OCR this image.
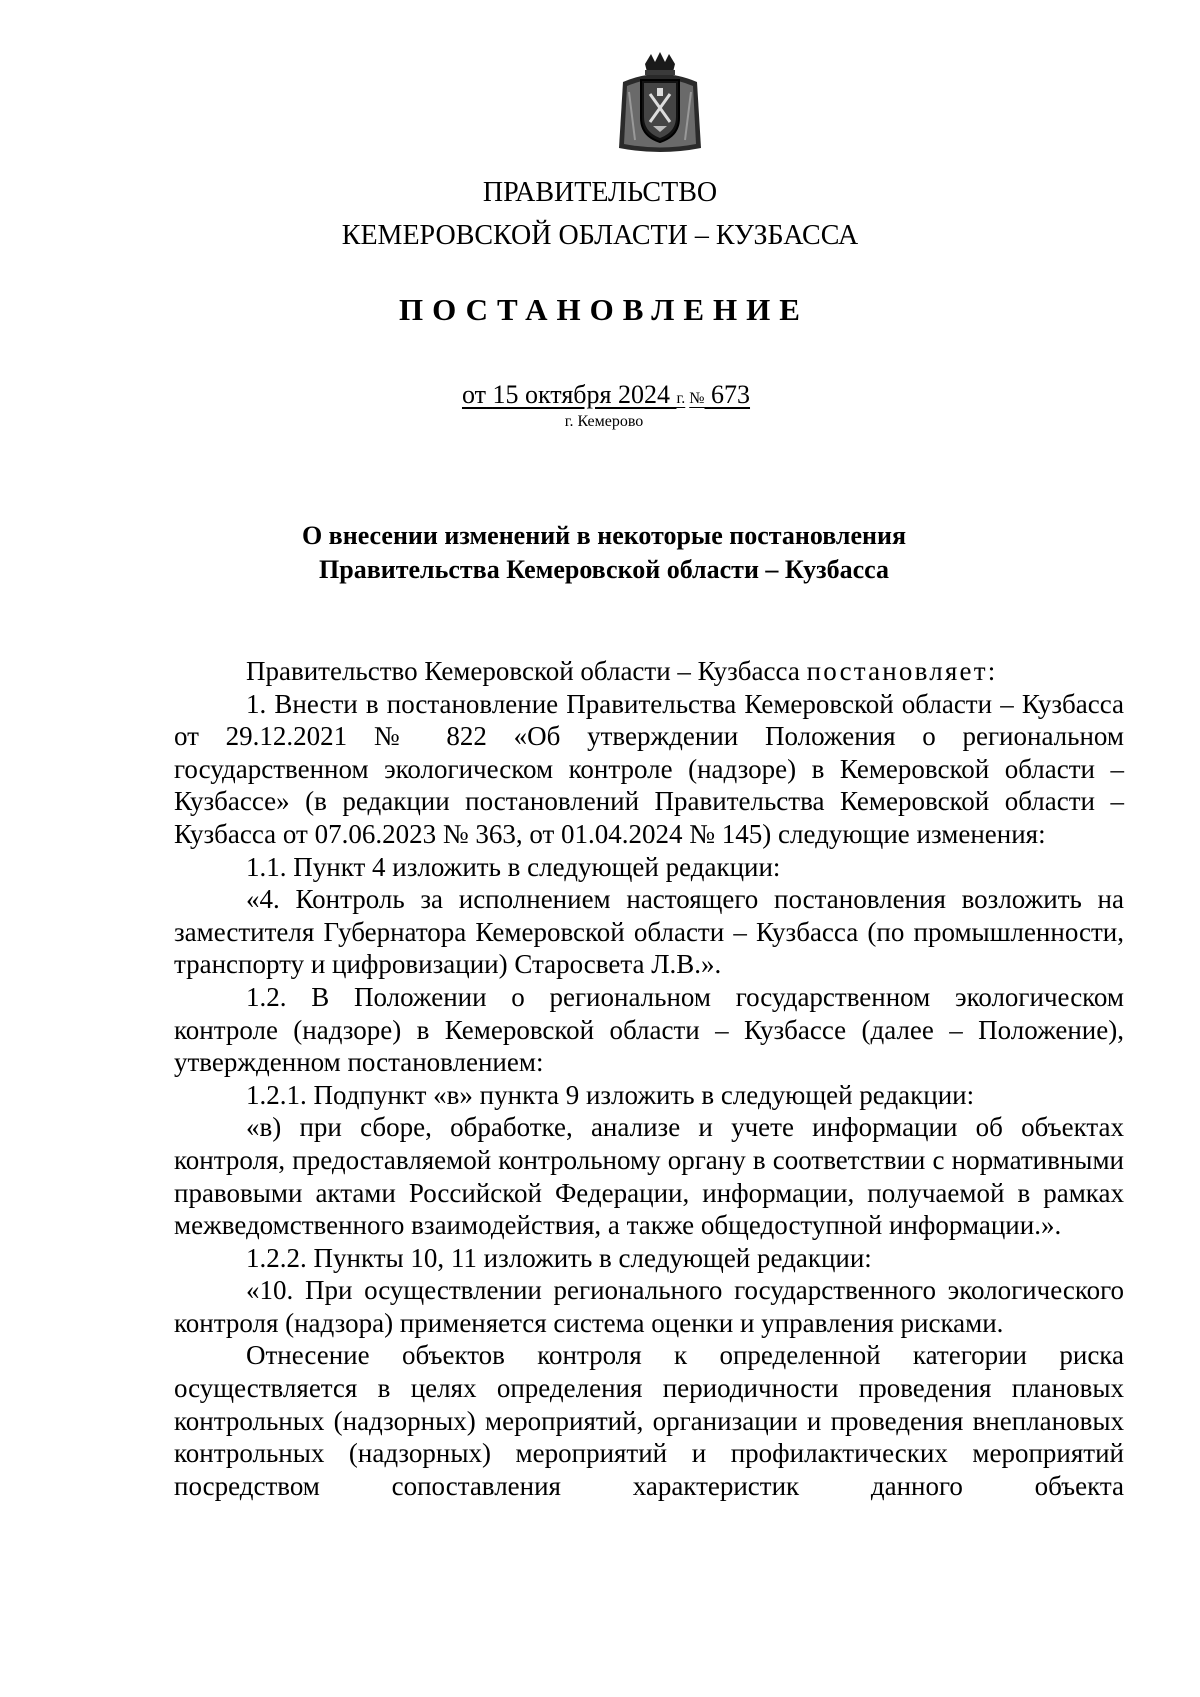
ПРАВИТЕЛЬСТВО
КЕМЕРОВСКОЙ ОБЛАСТИ – КУЗБАССА
ПОСТАНОВЛЕНИЕ
от 15 октября 2024 г. № 673
г. Кемерово
О внесении изменений в некоторые постановления
Правительства Кемеровской области – Кузбасса

Правительство Кемеровской области – Кузбасса постановляет:

1. Внести в постановление Правительства Кемеровской области – Кузбасса от 29.12.2021 № 822 «Об утверждении Положения о региональном государственном экологическом контроле (надзоре) в Кемеровской области – Кузбассе» (в редакции постановлений Правительства Кемеровской области – Кузбасса от 07.06.2023 № 363, от 01.04.2024 № 145) следующие изменения:

1.1. Пункт 4 изложить в следующей редакции:

«4. Контроль за исполнением настоящего постановления возложить на заместителя Губернатора Кемеровской области – Кузбасса (по промышленности, транспорту и цифровизации) Старосвета Л.В.».

1.2. В Положении о региональном государственном экологическом контроле (надзоре) в Кемеровской области – Кузбассе (далее – Положение), утвержденном постановлением:

1.2.1. Подпункт «в» пункта 9 изложить в следующей редакции:

«в) при сборе, обработке, анализе и учете информации об объектах контроля, предоставляемой контрольному органу в соответствии с нормативными правовыми актами Российской Федерации, информации, получаемой в рамках межведомственного взаимодействия, а также общедоступной информации.».

1.2.2. Пункты 10, 11 изложить в следующей редакции:

«10. При осуществлении регионального государственного экологического контроля (надзора) применяется система оценки и управления рисками.

Отнесение объектов контроля к определенной категории риска осуществляется в целях определения периодичности проведения плановых контрольных (надзорных) мероприятий, организации и проведения внеплановых контрольных (надзорных) мероприятий и профилактических мероприятий посредством сопоставления характеристик данного объекта
